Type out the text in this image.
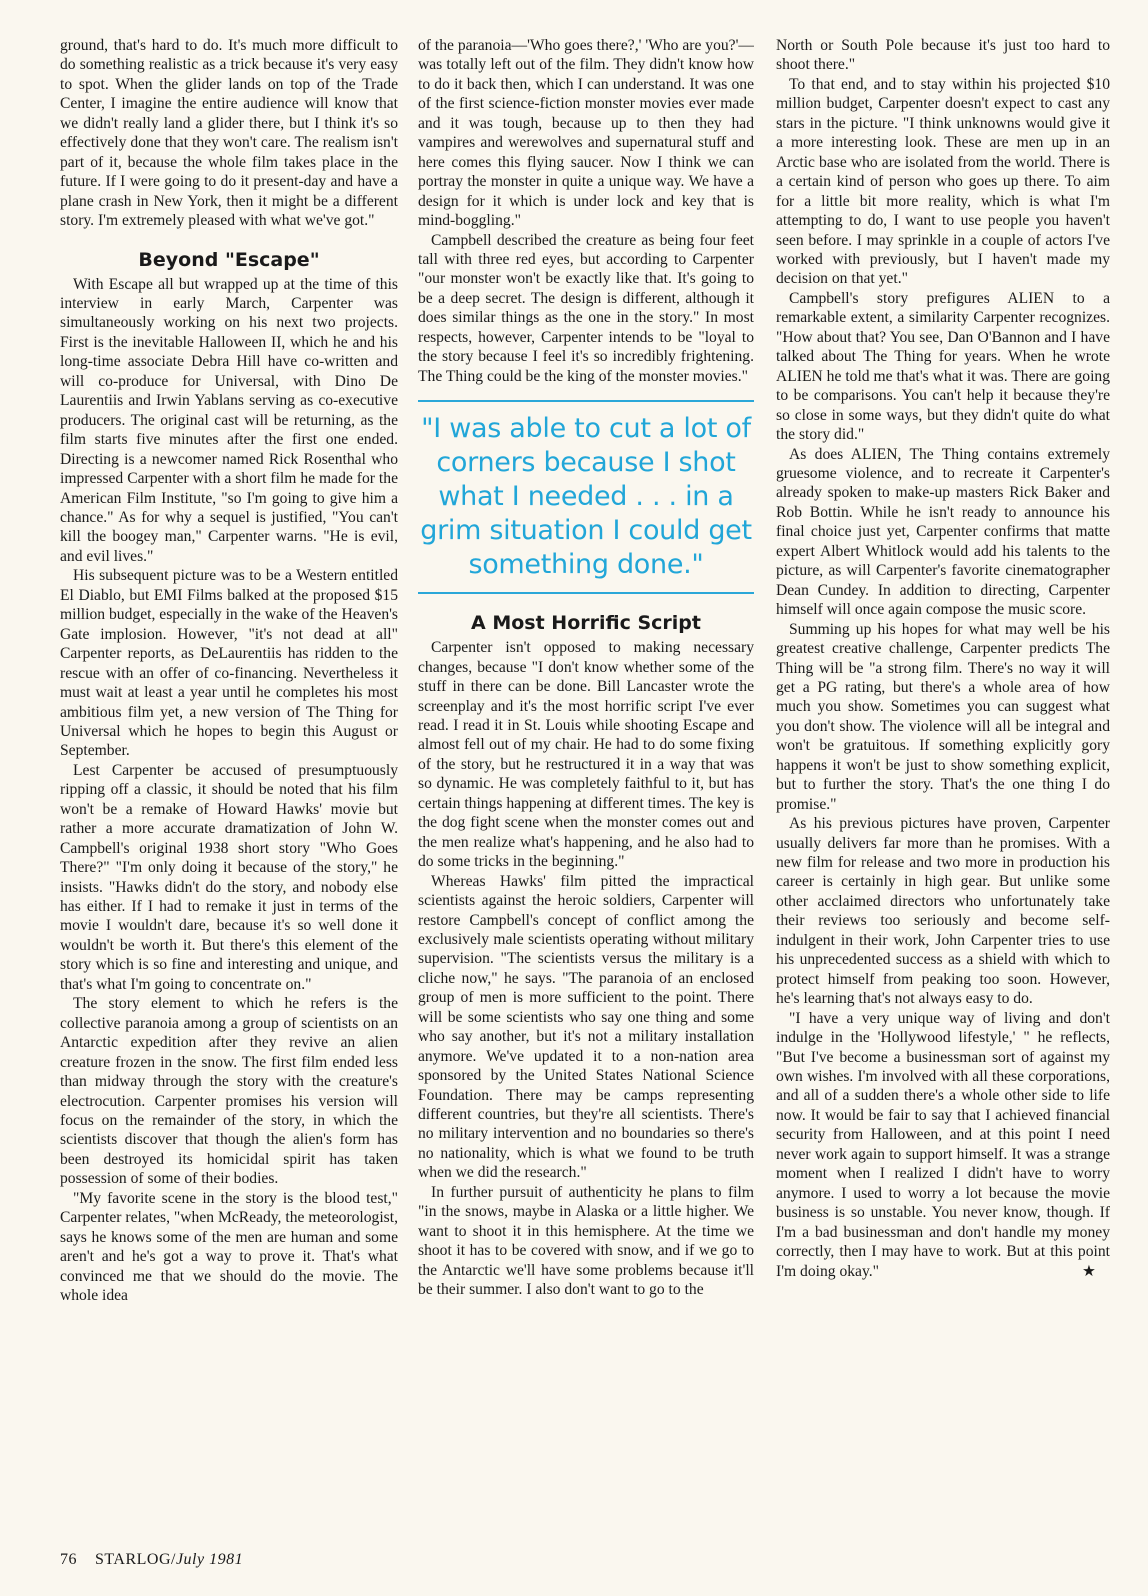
ground, that's hard to do. It's much more difficult to do something realistic as a trick because it's very easy to spot. When the glider lands on top of the Trade Center, I imagine the entire audience will know that we didn't really land a glider there, but I think it's so effectively done that they won't care. The realism isn't part of it, because the whole film takes place in the future. If I were going to do it present-day and have a plane crash in New York, then it might be a different story. I'm extremely pleased with what we've got."

Beyond "Escape"

With Escape all but wrapped up at the time of this interview in early March, Carpenter was simultaneously working on his next two projects. First is the inevitable Halloween II, which he and his long-time associate Debra Hill have co-written and will co-produce for Universal, with Dino De Laurentiis and Irwin Yablans serving as co-executive producers. The original cast will be returning, as the film starts five minutes after the first one ended. Directing is a newcomer named Rick Rosenthal who impressed Carpenter with a short film he made for the American Film Institute, "so I'm going to give him a chance." As for why a sequel is justified, "You can't kill the boogey man," Carpenter warns. "He is evil, and evil lives."

His subsequent picture was to be a Western entitled El Diablo, but EMI Films balked at the proposed $15 million budget, especially in the wake of the Heaven's Gate implosion. However, "it's not dead at all" Carpenter reports, as DeLaurentiis has ridden to the rescue with an offer of co-financing. Nevertheless it must wait at least a year until he completes his most ambitious film yet, a new version of The Thing for Universal which he hopes to begin this August or September.

Lest Carpenter be accused of presumptuously ripping off a classic, it should be noted that his film won't be a remake of Howard Hawks' movie but rather a more accurate dramatization of John W. Campbell's original 1938 short story "Who Goes There?" "I'm only doing it because of the story," he insists. "Hawks didn't do the story, and nobody else has either. If I had to remake it just in terms of the movie I wouldn't dare, because it's so well done it wouldn't be worth it. But there's this element of the story which is so fine and interesting and unique, and that's what I'm going to concentrate on."

The story element to which he refers is the collective paranoia among a group of scientists on an Antarctic expedition after they revive an alien creature frozen in the snow. The first film ended less than midway through the story with the creature's electrocution. Carpenter promises his version will focus on the remainder of the story, in which the scientists discover that though the alien's form has been destroyed its homicidal spirit has taken possession of some of their bodies.

"My favorite scene in the story is the blood test," Carpenter relates, "when McReady, the meteorologist, says he knows some of the men are human and some aren't and he's got a way to prove it. That's what convinced me that we should do the movie. The whole idea

of the paranoia—'Who goes there?,' 'Who are you?'—was totally left out of the film. They didn't know how to do it back then, which I can understand. It was one of the first science-fiction monster movies ever made and it was tough, because up to then they had vampires and werewolves and supernatural stuff and here comes this flying saucer. Now I think we can portray the monster in quite a unique way. We have a design for it which is under lock and key that is mind-boggling."

Campbell described the creature as being four feet tall with three red eyes, but according to Carpenter "our monster won't be exactly like that. It's going to be a deep secret. The design is different, although it does similar things as the one in the story." In most respects, however, Carpenter intends to be "loyal to the story because I feel it's so incredibly frightening. The Thing could be the king of the monster movies."

"I was able to cut a lot of corners because I shot what I needed . . . in a grim situation I could get something done."
A Most Horrific Script

Carpenter isn't opposed to making necessary changes, because "I don't know whether some of the stuff in there can be done. Bill Lancaster wrote the screenplay and it's the most horrific script I've ever read. I read it in St. Louis while shooting Escape and almost fell out of my chair. He had to do some fixing of the story, but he restructured it in a way that was so dynamic. He was completely faithful to it, but has certain things happening at different times. The key is the dog fight scene when the monster comes out and the men realize what's happening, and he also had to do some tricks in the beginning."

Whereas Hawks' film pitted the impractical scientists against the heroic soldiers, Carpenter will restore Campbell's concept of conflict among the exclusively male scientists operating without military supervision. "The scientists versus the military is a cliche now," he says. "The paranoia of an enclosed group of men is more sufficient to the point. There will be some scientists who say one thing and some who say another, but it's not a military installation anymore. We've updated it to a non-nation area sponsored by the United States National Science Foundation. There may be camps representing different countries, but they're all scientists. There's no military intervention and no boundaries so there's no nationality, which is what we found to be truth when we did the research."

In further pursuit of authenticity he plans to film "in the snows, maybe in Alaska or a little higher. We want to shoot it in this hemisphere. At the time we shoot it has to be covered with snow, and if we go to the Antarctic we'll have some problems because it'll be their summer. I also don't want to go to the

North or South Pole because it's just too hard to shoot there."

To that end, and to stay within his projected $10 million budget, Carpenter doesn't expect to cast any stars in the picture. "I think unknowns would give it a more interesting look. These are men up in an Arctic base who are isolated from the world. There is a certain kind of person who goes up there. To aim for a little bit more reality, which is what I'm attempting to do, I want to use people you haven't seen before. I may sprinkle in a couple of actors I've worked with previously, but I haven't made my decision on that yet."

Campbell's story prefigures ALIEN to a remarkable extent, a similarity Carpenter recognizes. "How about that? You see, Dan O'Bannon and I have talked about The Thing for years. When he wrote ALIEN he told me that's what it was. There are going to be comparisons. You can't help it because they're so close in some ways, but they didn't quite do what the story did."

As does ALIEN, The Thing contains extremely gruesome violence, and to recreate it Carpenter's already spoken to make-up masters Rick Baker and Rob Bottin. While he isn't ready to announce his final choice just yet, Carpenter confirms that matte expert Albert Whitlock would add his talents to the picture, as will Carpenter's favorite cinematographer Dean Cundey. In addition to directing, Carpenter himself will once again compose the music score.

Summing up his hopes for what may well be his greatest creative challenge, Carpenter predicts The Thing will be "a strong film. There's no way it will get a PG rating, but there's a whole area of how much you show. Sometimes you can suggest what you don't show. The violence will all be integral and won't be gratuitous. If something explicitly gory happens it won't be just to show something explicit, but to further the story. That's the one thing I do promise."

As his previous pictures have proven, Carpenter usually delivers far more than he promises. With a new film for release and two more in production his career is certainly in high gear. But unlike some other acclaimed directors who unfortunately take their reviews too seriously and become self-indulgent in their work, John Carpenter tries to use his unprecedented success as a shield with which to protect himself from peaking too soon. However, he's learning that's not always easy to do.

"I have a very unique way of living and don't indulge in the 'Hollywood lifestyle,' " he reflects, "But I've become a businessman sort of against my own wishes. I'm involved with all these corporations, and all of a sudden there's a whole other side to life now. It would be fair to say that I achieved financial security from Halloween, and at this point I need never work again to support himself. It was a strange moment when I realized I didn't have to worry anymore. I used to worry a lot because the movie business is so unstable. You never know, though. If I'm a bad businessman and don't handle my money correctly, then I may have to work. But at this point I'm doing okay."	★

76 STARLOG/July 1981
